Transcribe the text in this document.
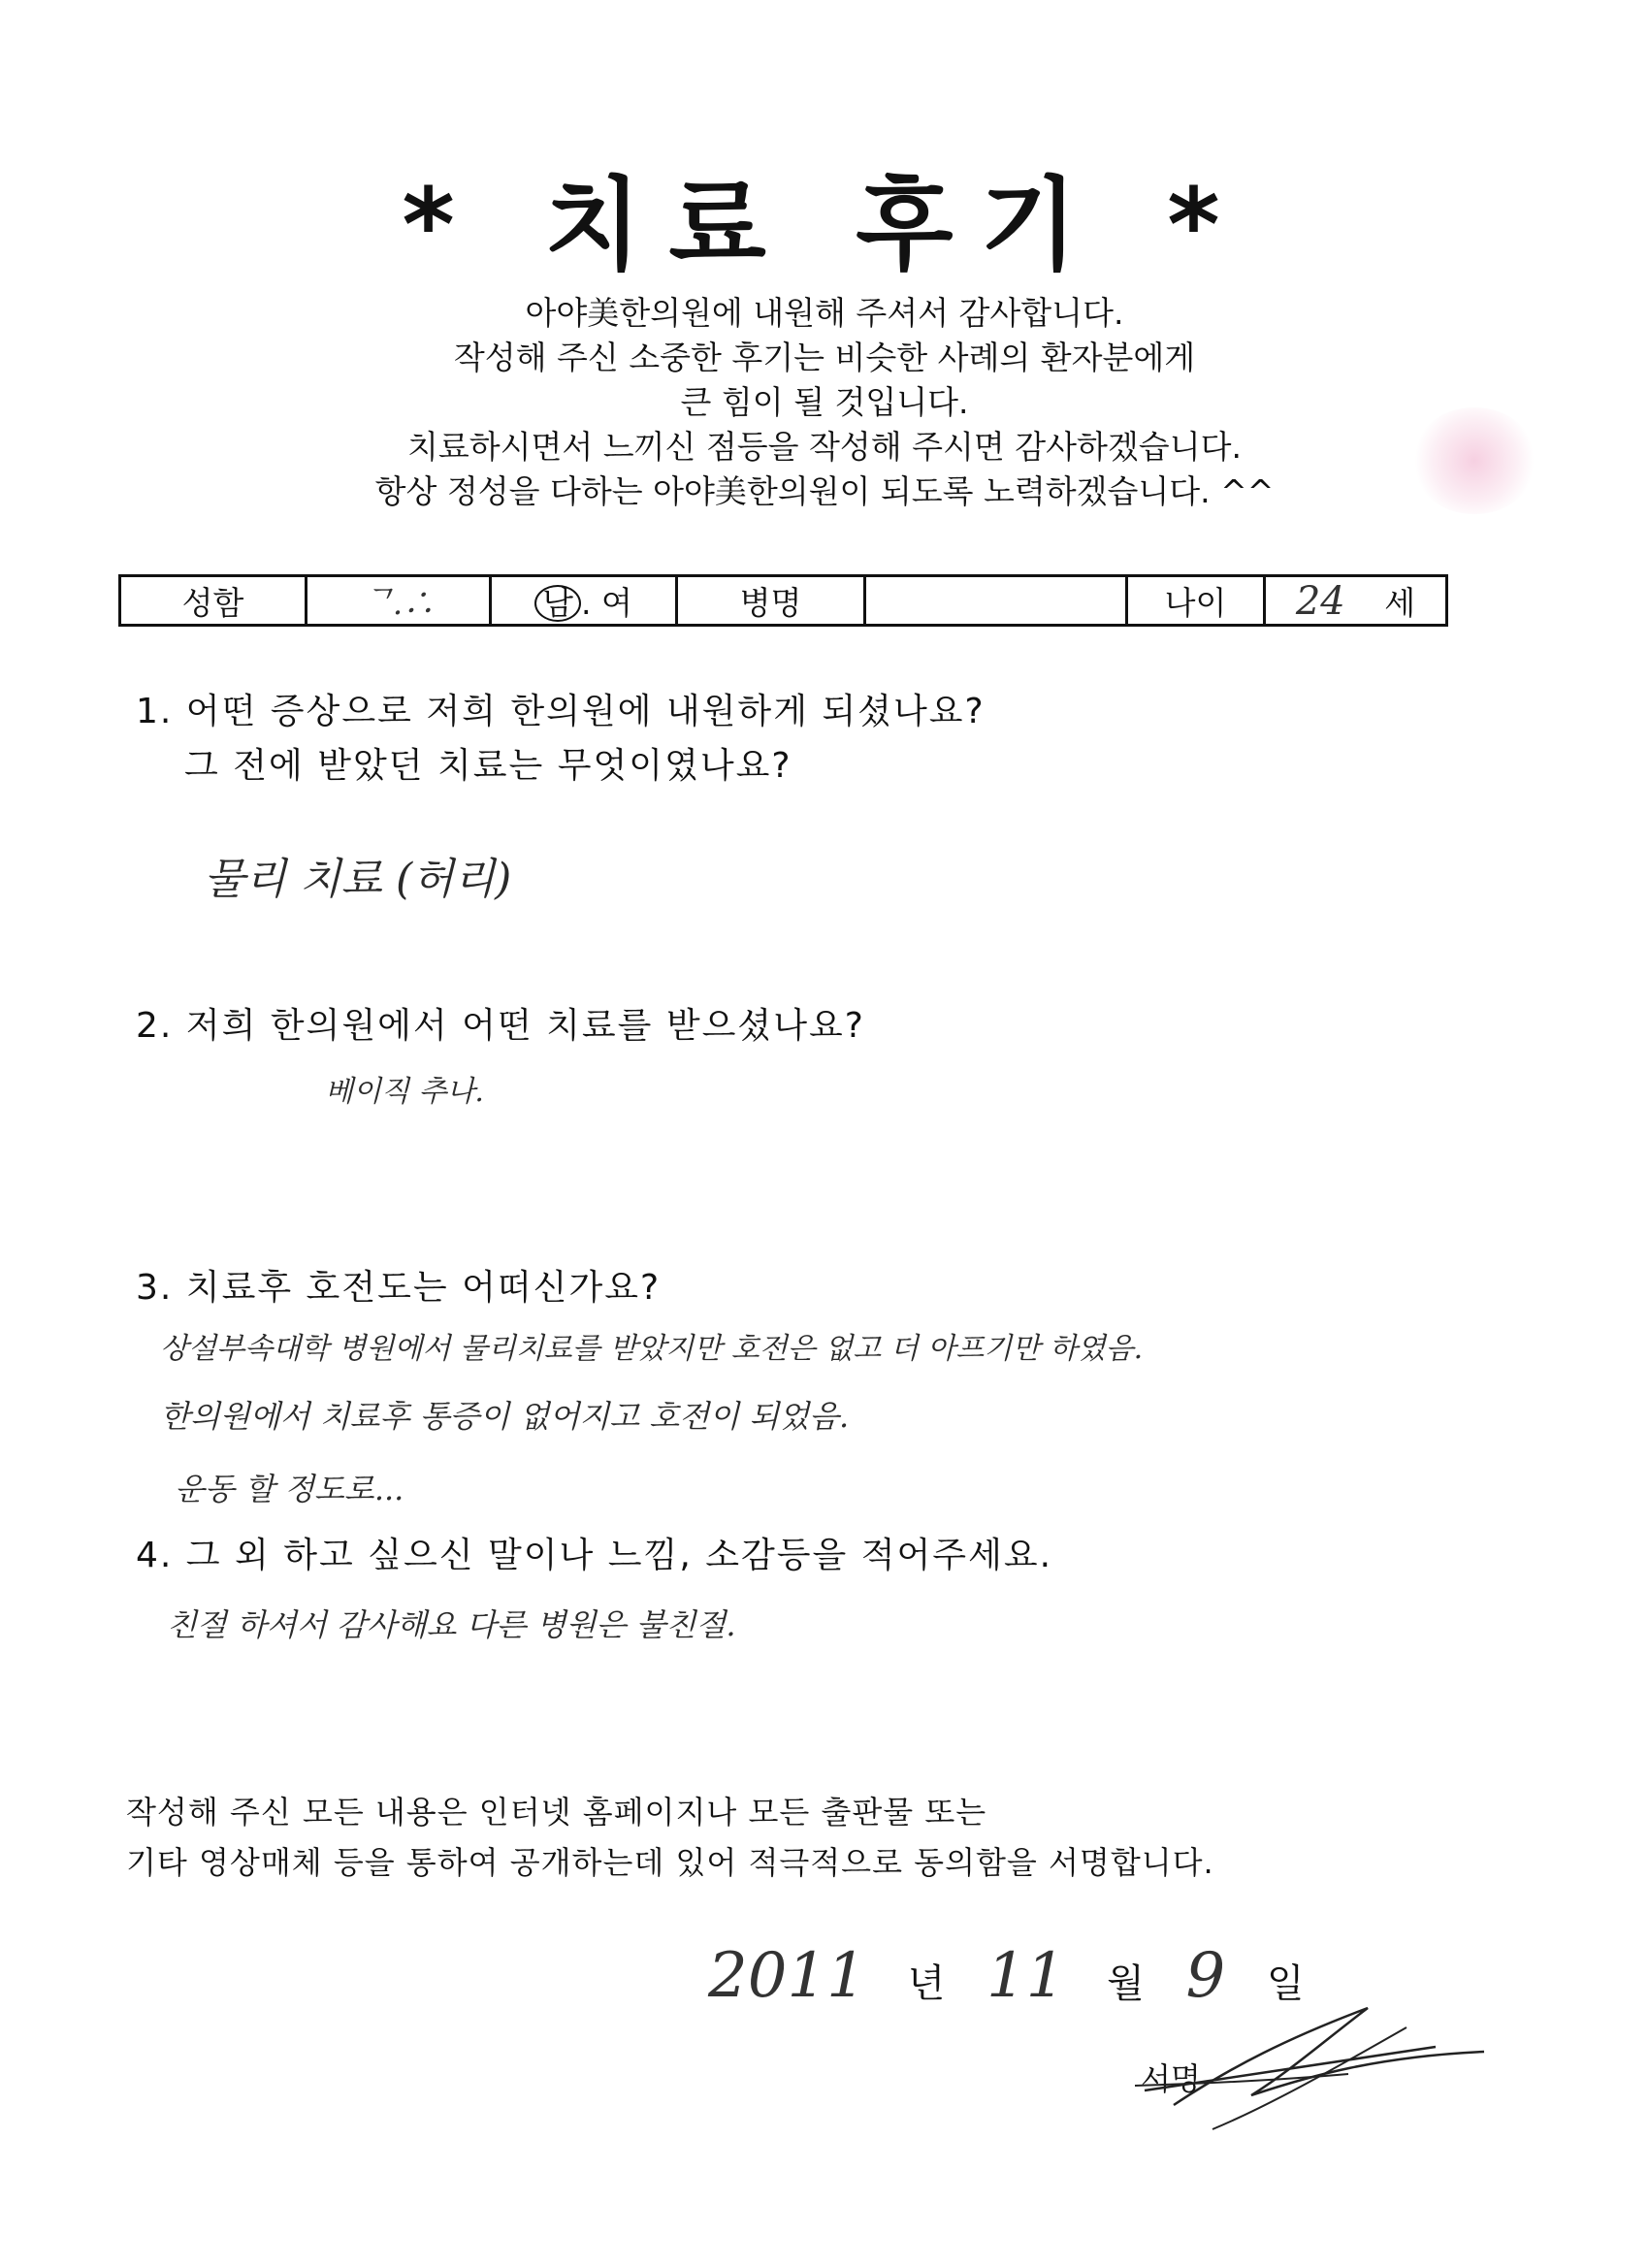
* 치료 후기 *
아야美한의원에 내원해 주셔서 감사합니다.
작성해 주신 소중한 후기는 비슷한 사례의 환자분에게
큰 힘이 될 것입니다.
치료하시면서 느끼신 점등을 작성해 주시면 감사하겠습니다.
항상 정성을 다하는 아야美한의원이 되도록 노력하겠습니다. ^^
성함	ᄀ.∴	남 . 여	병명		나이	24 세
1. 어떤 증상으로 저희 한의원에 내원하게 되셨나요?
그 전에 받았던 치료는 무엇이였나요?
물리 치료 (허리)
2. 저희 한의원에서 어떤 치료를 받으셨나요?
베이직 추나.
3. 치료후 호전도는 어떠신가요?
상설부속대학 병원에서 물리치료를 받았지만 호전은 없고 더 아프기만 하였음.
한의원에서 치료후 통증이 없어지고 호전이 되었음.
운동 할 정도로...
4. 그 외 하고 싶으신 말이나 느낌, 소감등을 적어주세요.
친절 하셔서 감사해요 다른 병원은 불친절.
작성해 주신 모든 내용은 인터넷 홈페이지나 모든 출판물 또는
기타 영상매체 등을 통하여 공개하는데 있어 적극적으로 동의함을 서명합니다.
2011 년 11 월 9 일
서명
